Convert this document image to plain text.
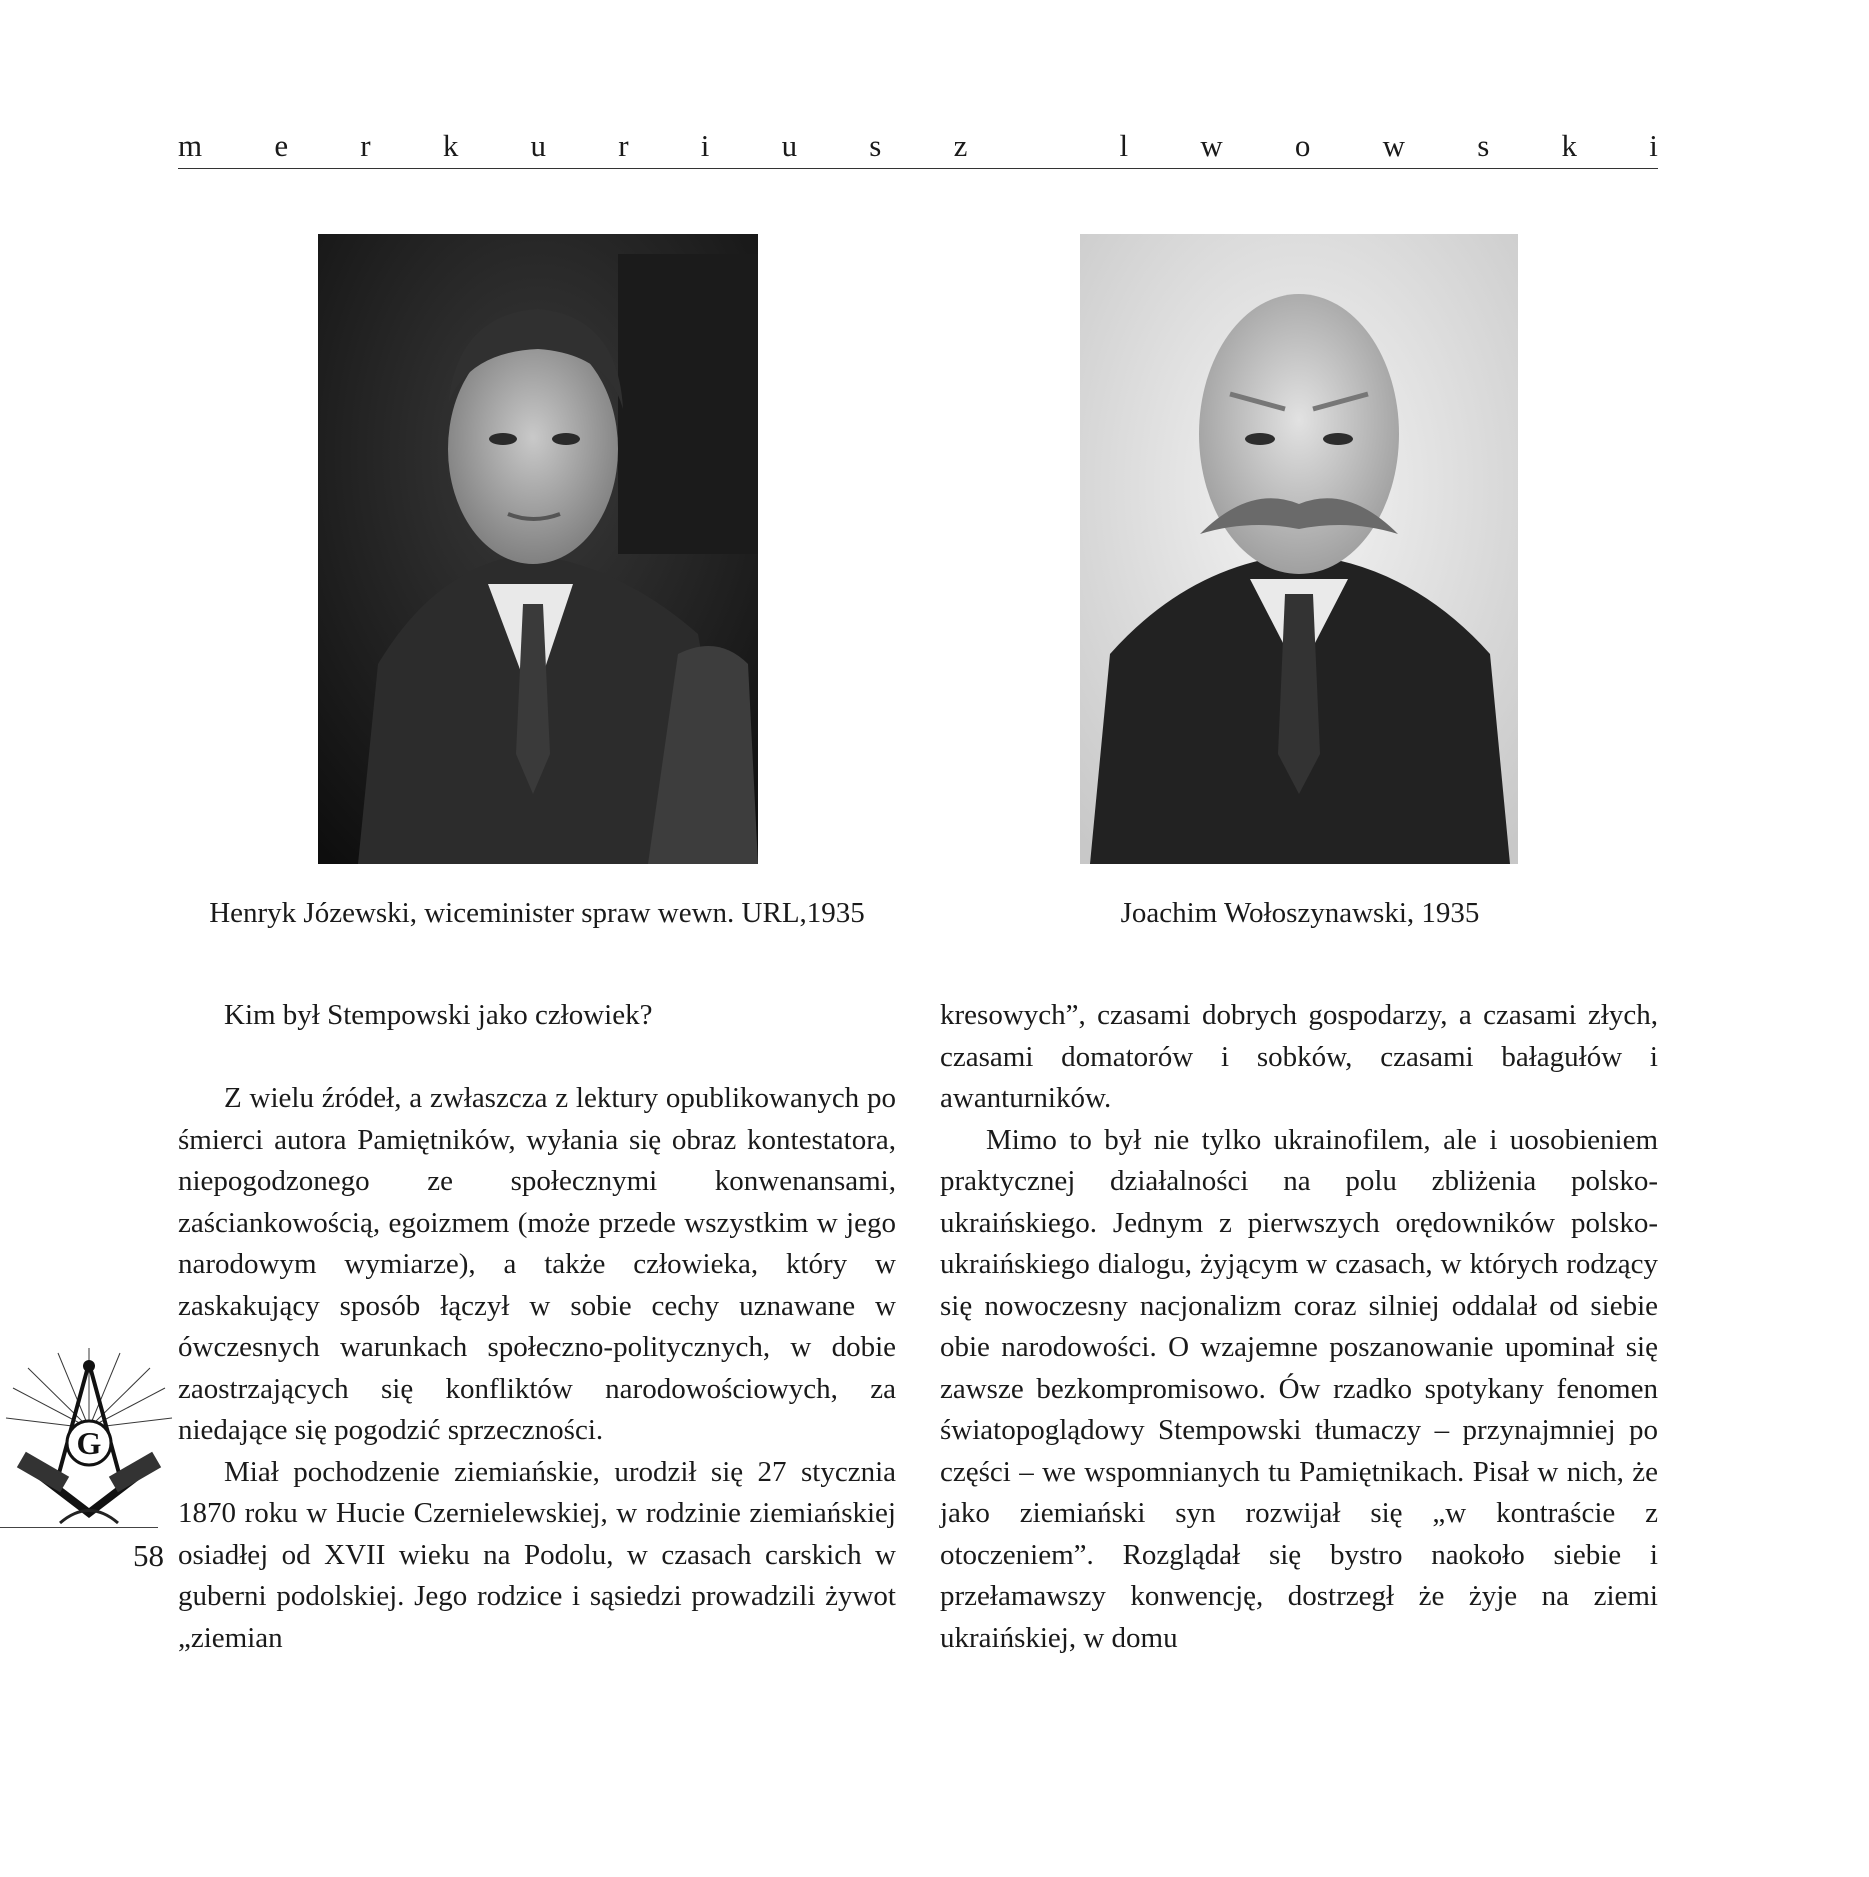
m e r k u r i u s z
	l w o w s k i
Henryk Józewski, wiceminister spraw wewn. URL,1935	Joachim Wołoszynawski, 1935

Kim był Stempowski jako człowiek?

Z wielu źródeł, a zwłaszcza z lektury opublikowanych po śmierci autora Pamiętników, wyłania się obraz kontestatora, niepogodzonego ze społecznymi konwenansami, zaściankowością, egoizmem (może przede wszystkim w jego narodowym wymiarze), a także człowieka, który w zaskakujący sposób łączył w sobie cechy uznawane w ówczesnych warunkach społeczno-politycznych, w dobie zaostrzających się konfliktów narodowościowych, za niedające się pogodzić sprzeczności.

Miał pochodzenie ziemiańskie, urodził się 27 stycznia 1870 roku w Hucie Czernielewskiej, w rodzinie ziemiańskiej osiadłej od XVII wieku na Podolu, w czasach carskich w guberni podolskiej. Jego rodzice i sąsiedzi prowadzili żywot „ziemian

kresowych”, czasami dobrych gospodarzy, a czasami złych, czasami domatorów i sobków, czasami bałagułów i awanturników.

Mimo to był nie tylko ukrainofilem, ale i uosobieniem praktycznej działalności na polu zbliżenia polsko-ukraińskiego. Jednym z pierwszych orędowników polsko-ukraińskiego dialogu, żyjącym w czasach, w których rodzący się nowoczesny nacjonalizm coraz silniej oddalał od siebie obie narodowości. O wzajemne poszanowanie upominał się zawsze bezkompromisowo. Ów rzadko spotykany fenomen światopoglądowy Stempowski tłumaczy – przynajmniej po części – we wspomnianych tu Pamiętnikach. Pisał w nich, że jako ziemiański syn rozwijał się „w kontraście z otoczeniem”. Rozglądał się bystro naokoło siebie i przełamawszy konwencję, dostrzegł że żyje na ziemi ukraińskiej, w domu

G
58
